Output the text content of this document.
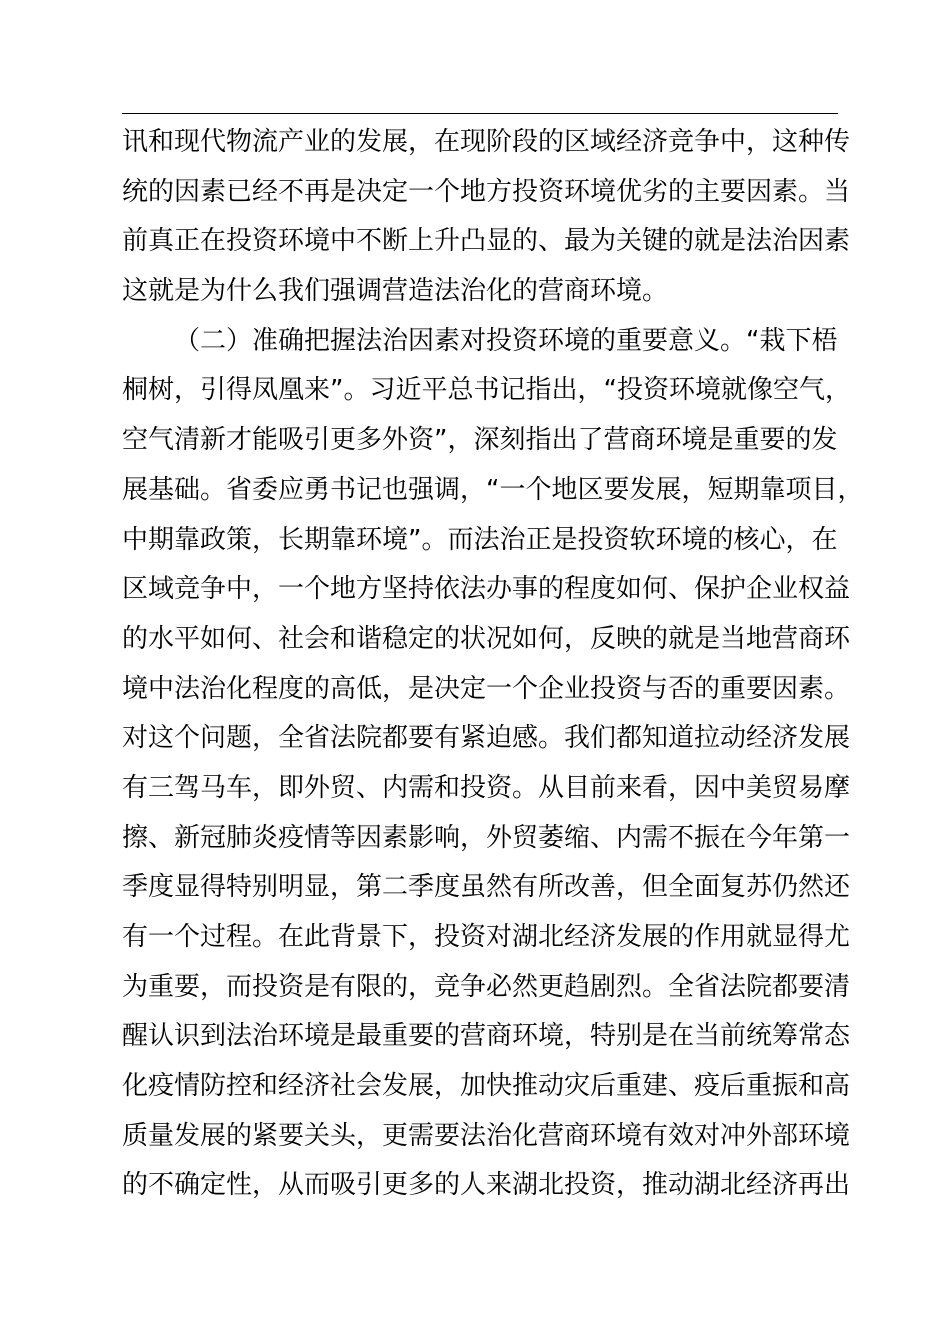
讯和现代物流产业的发展，在现阶段的区域经济竞争中，这种传
统的因素已经不再是决定一个地方投资环境优劣的主要因素。当
前真正在投资环境中不断上升凸显的、最为关键的就是法治因素
这就是为什么我们强调营造法治化的营商环境。
（二）准确把握法治因素对投资环境的重要意义。“栽下梧
桐树，引得凤凰来”。习近平总书记指出，“投资环境就像空气，
空气清新才能吸引更多外资”，深刻指出了营商环境是重要的发
展基础。省委应勇书记也强调，“一个地区要发展，短期靠项目，
中期靠政策，长期靠环境”。而法治正是投资软环境的核心，在
区域竞争中，一个地方坚持依法办事的程度如何、保护企业权益
的水平如何、社会和谐稳定的状况如何，反映的就是当地营商环
境中法治化程度的高低，是决定一个企业投资与否的重要因素。
对这个问题，全省法院都要有紧迫感。我们都知道拉动经济发展
有三驾马车，即外贸、内需和投资。从目前来看，因中美贸易摩
擦、新冠肺炎疫情等因素影响，外贸萎缩、内需不振在今年第一
季度显得特别明显，第二季度虽然有所改善，但全面复苏仍然还
有一个过程。在此背景下，投资对湖北经济发展的作用就显得尤
为重要，而投资是有限的，竞争必然更趋剧烈。全省法院都要清
醒认识到法治环境是最重要的营商环境，特别是在当前统筹常态
化疫情防控和经济社会发展，加快推动灾后重建、疫后重振和高
质量发展的紧要关头，更需要法治化营商环境有效对冲外部环境
的不确定性，从而吸引更多的人来湖北投资，推动湖北经济再出
